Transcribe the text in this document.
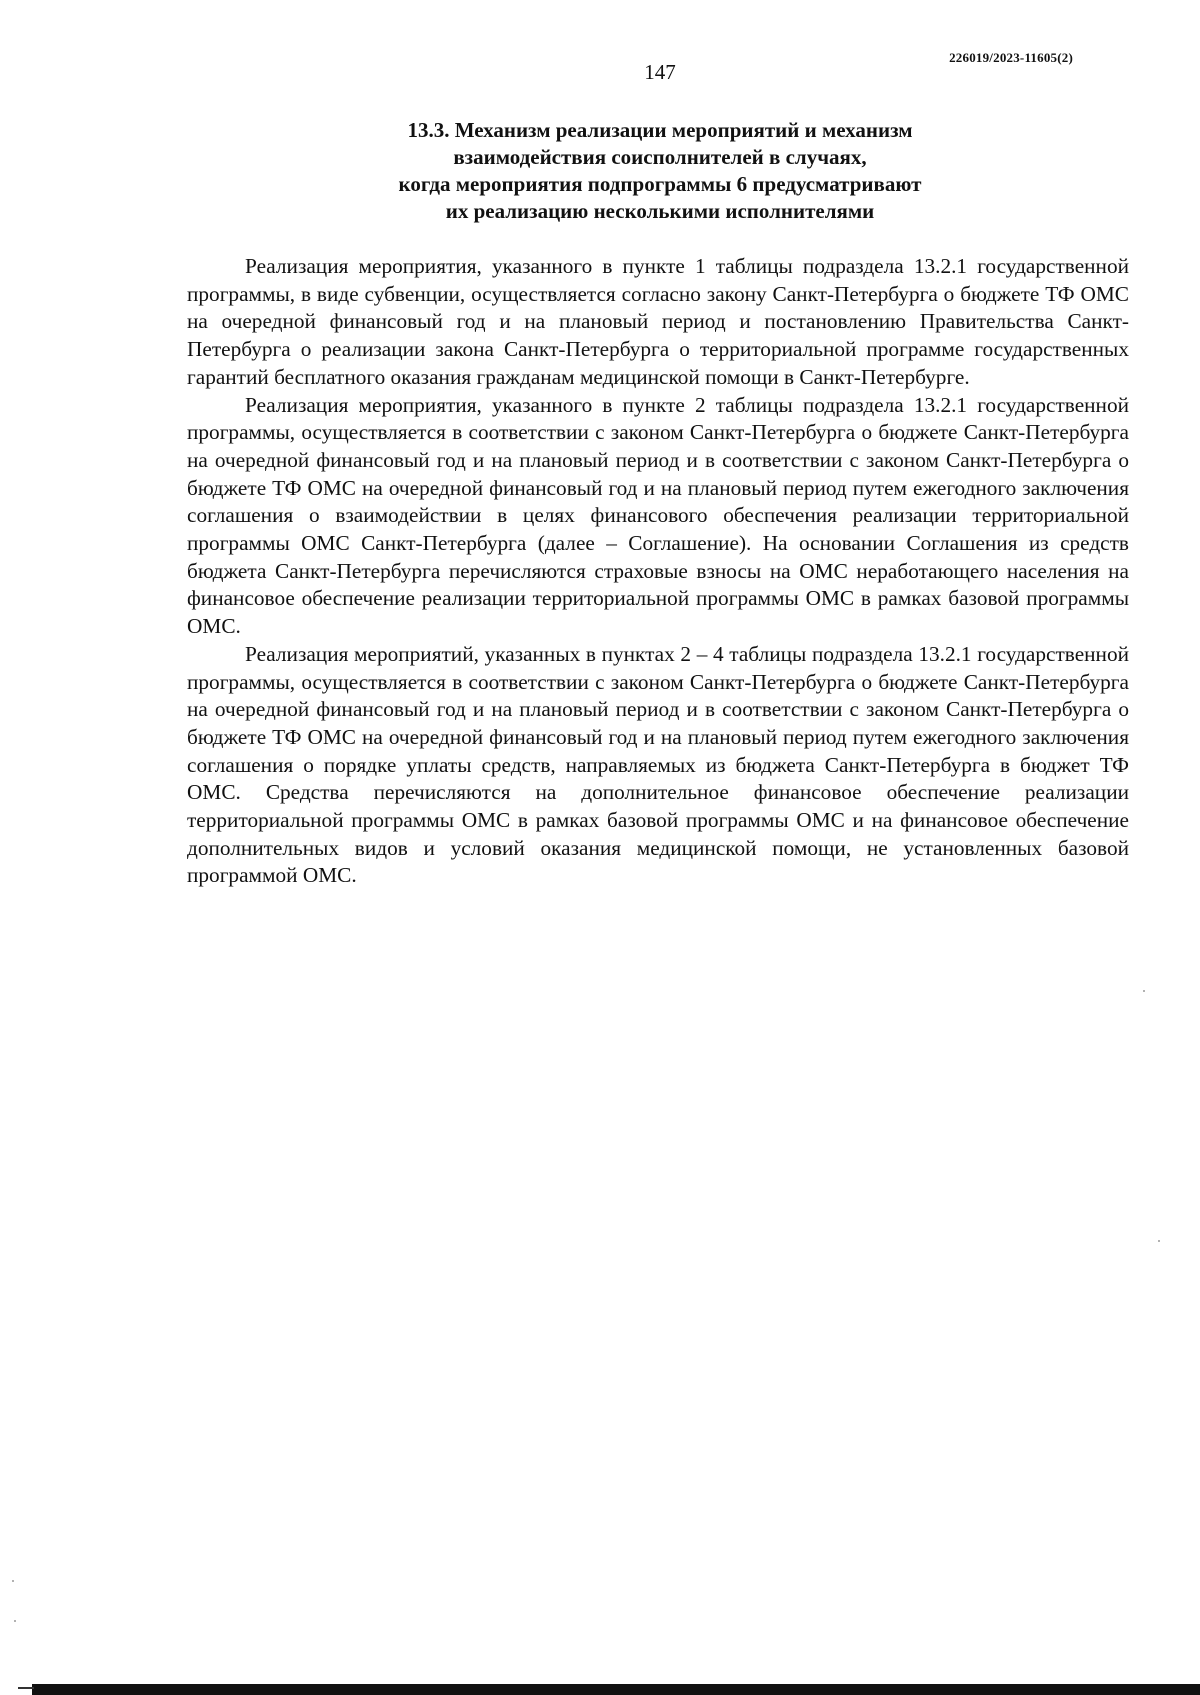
226019/2023-11605(2)
147
13.3. Механизм реализации мероприятий и механизм
взаимодействия соисполнителей в случаях,
когда мероприятия подпрограммы 6 предусматривают
их реализацию несколькими исполнителями

Реализация мероприятия, указанного в пункте 1 таблицы подраздела 13.2.1 государственной программы, в виде субвенции, осуществляется согласно закону Санкт-Петербурга о бюджете ТФ ОМС на очередной финансовый год и на плановый период и постановлению Правительства Санкт-Петербурга о реализации закона Санкт-Петербурга о территориальной программе государственных гарантий бесплатного оказания гражданам медицинской помощи в Санкт-Петербурге.

Реализация мероприятия, указанного в пункте 2 таблицы подраздела 13.2.1 государственной программы, осуществляется в соответствии с законом Санкт-Петербурга о бюджете Санкт-Петербурга на очередной финансовый год и на плановый период и в соответствии с законом Санкт-Петербурга о бюджете ТФ ОМС на очередной финансовый год и на плановый период путем ежегодного заключения соглашения о взаимодействии в целях финансового обеспечения реализации территориальной программы ОМС Санкт-Петербурга (далее – Соглашение). На основании Соглашения из средств бюджета Санкт-Петербурга перечисляются страховые взносы на ОМС неработающего населения на финансовое обеспечение реализации территориальной программы ОМС в рамках базовой программы ОМС.

Реализация мероприятий, указанных в пунктах 2 – 4 таблицы подраздела 13.2.1 государственной программы, осуществляется в соответствии с законом Санкт-Петербурга о бюджете Санкт-Петербурга на очередной финансовый год и на плановый период и в соответствии с законом Санкт-Петербурга о бюджете ТФ ОМС на очередной финансовый год и на плановый период путем ежегодного заключения соглашения о порядке уплаты средств, направляемых из бюджета Санкт-Петербурга в бюджет ТФ ОМС. Средства перечисляются на дополнительное финансовое обеспечение реализации территориальной программы ОМС в рамках базовой программы ОМС и на финансовое обеспечение дополнительных видов и условий оказания медицинской помощи, не установленных базовой программой ОМС.
